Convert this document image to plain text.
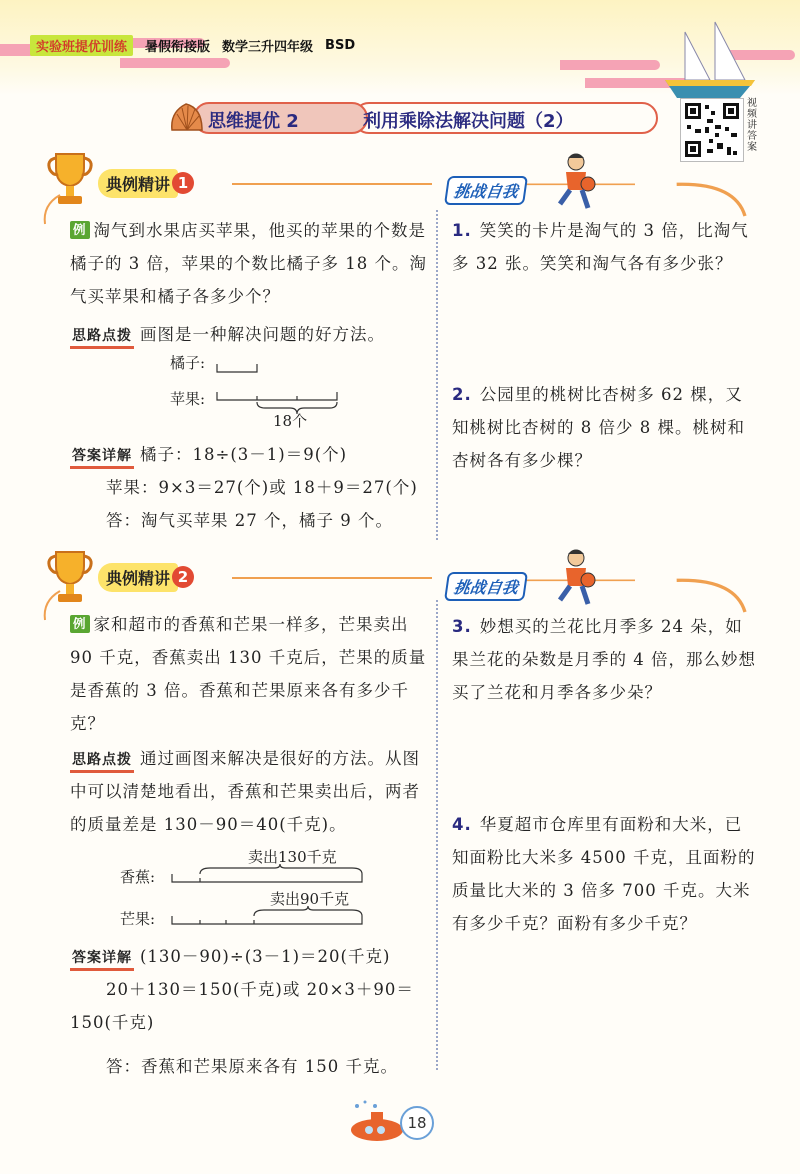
实验班提优训练	暑假衔接版 数学三升四年级 BSD
思维提优 2	利用乘除法解决问题（2）
视频讲答案
典例精讲 1
例 淘气到水果店买苹果，他买的苹果的个数是橘子的 3 倍，苹果的个数比橘子多 18 个。淘气买苹果和橘子各多少个？
思路点拨 画图是一种解决问题的好方法。
橘子:
苹果:
18个
答案详解 橘子：18÷(3－1)＝9(个)
苹果：9×3＝27(个)或 18＋9＝27(个)
答：淘气买苹果 27 个，橘子 9 个。
挑战自我
1. 笑笑的卡片是淘气的 3 倍，比淘气多 32 张。笑笑和淘气各有多少张？
2. 公园里的桃树比杏树多 62 棵，又知桃树比杏树的 8 倍少 8 棵。桃树和杏树各有多少棵？
典例精讲 2
例 家和超市的香蕉和芒果一样多，芒果卖出 90 千克，香蕉卖出 130 千克后，芒果的质量是香蕉的 3 倍。香蕉和芒果原来各有多少千克？
思路点拨 通过画图来解决是很好的方法。从图中可以清楚地看出，香蕉和芒果卖出后，两者的质量差是 130－90＝40(千克)。
香蕉:
芒果:
卖出130千克
卖出90千克
答案详解 (130－90)÷(3－1)＝20(千克)
20＋130＝150(千克)或 20×3＋90＝150(千克)
答：香蕉和芒果原来各有 150 千克。
挑战自我
3. 妙想买的兰花比月季多 24 朵，如果兰花的朵数是月季的 4 倍，那么妙想买了兰花和月季各多少朵？
4. 华夏超市仓库里有面粉和大米，已知面粉比大米多 4500 千克，且面粉的质量比大米的 3 倍多 700 千克。大米有多少千克？面粉有多少千克？
18
